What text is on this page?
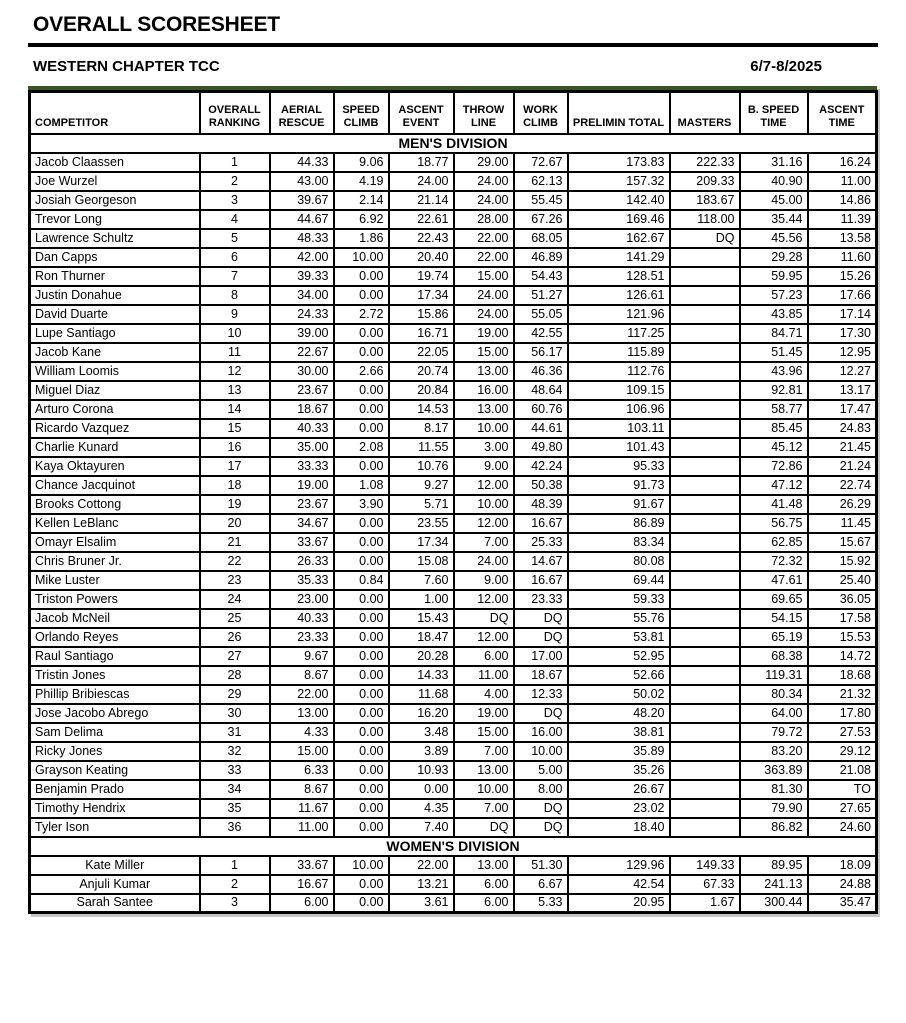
OVERALL SCORESHEET
WESTERN CHAPTER TCC	6/7-8/2025
COMPETITOR	OVERALL RANKING	AERIAL RESCUE	SPEED CLIMB	ASCENT EVENT	THROW LINE	WORK CLIMB	PRELIMIN TOTAL	MASTERS	B. SPEED TIME	ASCENT TIME
MEN'S DIVISION										
Jacob Claassen	1	44.33	9.06	18.77	29.00	72.67	173.83	222.33	31.16	16.24
Joe Wurzel	2	43.00	4.19	24.00	24.00	62.13	157.32	209.33	40.90	11.00
Josiah Georgeson	3	39.67	2.14	21.14	24.00	55.45	142.40	183.67	45.00	14.86
Trevor Long	4	44.67	6.92	22.61	28.00	67.26	169.46	118.00	35.44	11.39
Lawrence Schultz	5	48.33	1.86	22.43	22.00	68.05	162.67	DQ	45.56	13.58
Dan Capps	6	42.00	10.00	20.40	22.00	46.89	141.29		29.28	11.60
Ron Thurner	7	39.33	0.00	19.74	15.00	54.43	128.51		59.95	15.26
Justin Donahue	8	34.00	0.00	17.34	24.00	51.27	126.61		57.23	17.66
David Duarte	9	24.33	2.72	15.86	24.00	55.05	121.96		43.85	17.14
Lupe Santiago	10	39.00	0.00	16.71	19.00	42.55	117.25		84.71	17.30
Jacob Kane	11	22.67	0.00	22.05	15.00	56.17	115.89		51.45	12.95
William Loomis	12	30.00	2.66	20.74	13.00	46.36	112.76		43.96	12.27
Miguel Diaz	13	23.67	0.00	20.84	16.00	48.64	109.15		92.81	13.17
Arturo Corona	14	18.67	0.00	14.53	13.00	60.76	106.96		58.77	17.47
Ricardo Vazquez	15	40.33	0.00	8.17	10.00	44.61	103.11		85.45	24.83
Charlie Kunard	16	35.00	2.08	11.55	3.00	49.80	101.43		45.12	21.45
Kaya Oktayuren	17	33.33	0.00	10.76	9.00	42.24	95.33		72.86	21.24
Chance Jacquinot	18	19.00	1.08	9.27	12.00	50.38	91.73		47.12	22.74
Brooks Cottong	19	23.67	3.90	5.71	10.00	48.39	91.67		41.48	26.29
Kellen LeBlanc	20	34.67	0.00	23.55	12.00	16.67	86.89		56.75	11.45
Omayr Elsalim	21	33.67	0.00	17.34	7.00	25.33	83.34		62.85	15.67
Chris Bruner Jr.	22	26.33	0.00	15.08	24.00	14.67	80.08		72.32	15.92
Mike Luster	23	35.33	0.84	7.60	9.00	16.67	69.44		47.61	25.40
Triston Powers	24	23.00	0.00	1.00	12.00	23.33	59.33		69.65	36.05
Jacob McNeil	25	40.33	0.00	15.43	DQ	DQ	55.76		54.15	17.58
Orlando Reyes	26	23.33	0.00	18.47	12.00	DQ	53.81		65.19	15.53
Raul Santiago	27	9.67	0.00	20.28	6.00	17.00	52.95		68.38	14.72
Tristin Jones	28	8.67	0.00	14.33	11.00	18.67	52.66		119.31	18.68
Phillip Bribiescas	29	22.00	0.00	11.68	4.00	12.33	50.02		80.34	21.32
Jose Jacobo Abrego	30	13.00	0.00	16.20	19.00	DQ	48.20		64.00	17.80
Sam Delima	31	4.33	0.00	3.48	15.00	16.00	38.81		79.72	27.53
Ricky Jones	32	15.00	0.00	3.89	7.00	10.00	35.89		83.20	29.12
Grayson Keating	33	6.33	0.00	10.93	13.00	5.00	35.26		363.89	21.08
Benjamin Prado	34	8.67	0.00	0.00	10.00	8.00	26.67		81.30	TO
Timothy Hendrix	35	11.67	0.00	4.35	7.00	DQ	23.02		79.90	27.65
Tyler Ison	36	11.00	0.00	7.40	DQ	DQ	18.40		86.82	24.60
WOMEN'S DIVISION										
Kate Miller	1	33.67	10.00	22.00	13.00	51.30	129.96	149.33	89.95	18.09
Anjuli Kumar	2	16.67	0.00	13.21	6.00	6.67	42.54	67.33	241.13	24.88
Sarah Santee	3	6.00	0.00	3.61	6.00	5.33	20.95	1.67	300.44	35.47
